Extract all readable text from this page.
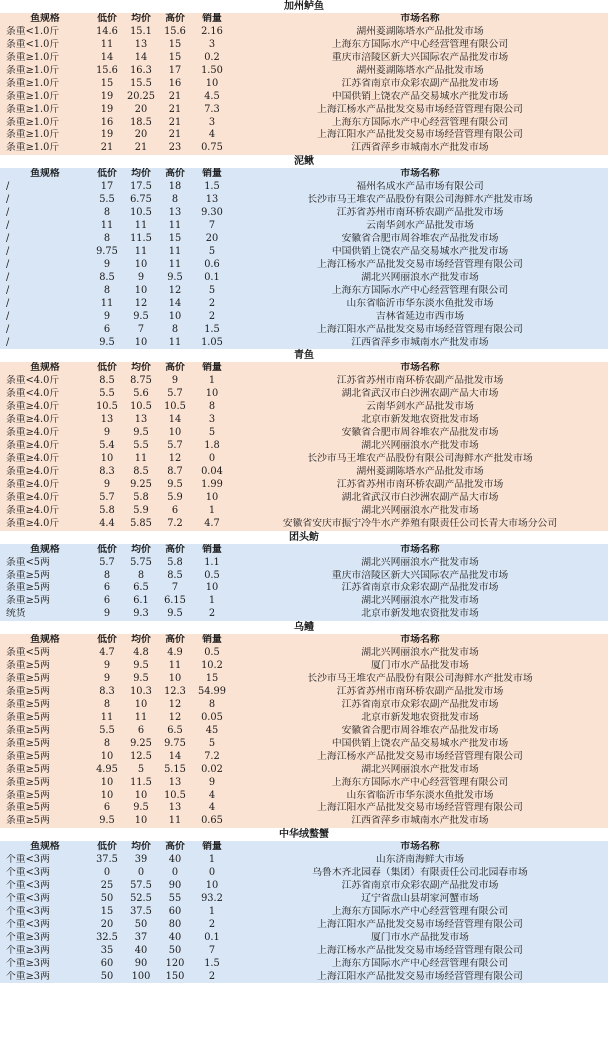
加州鲈鱼
鱼规格	低价	均价	高价	销量	市场名称
条重<1.0斤	14.6	15.1	15.6	2.16	湖州菱湖陈塔水产品批发市场
条重<1.0斤	11	13	15	3	上海东方国际水产中心经营管理有限公司
条重≥1.0斤	14	14	15	0.2	重庆市涪陵区新大兴国际农产品批发市场
条重≥1.0斤	15.6	16.3	17	1.50	湖州菱湖陈塔水产品批发市场
条重≥1.0斤	15	15.5	16	10	江苏省南京市众彩农副产品批发市场
条重≥1.0斤	19	20.25	21	4.5	中国供销上饶农产品交易城水产批发市场
条重≥1.0斤	19	20	21	7.3	上海江杨水产品批发交易市场经营管理有限公司
条重≥1.0斤	16	18.5	21	3	上海东方国际水产中心经营管理有限公司
条重≥1.0斤	19	20	21	4	上海江阳水产品批发交易市场经营管理有限公司
条重≥1.0斤	21	21	23	0.75	江西省萍乡市城南水产批发市场
泥鳅
鱼规格	低价	均价	高价	销量	市场名称
/	17	17.5	18	1.5	福州名成水产品市场有限公司
/	5.5	6.75	8	13	长沙市马王堆农产品股份有限公司海鲜水产批发市场
/	8	10.5	13	9.30	江苏省苏州市南环桥农副产品批发市场
/	11	11	11	7	云南华剑水产品批发市场
/	8	11.5	15	20	安徽省合肥市周谷堆农产品批发市场
/	9.75	11	11	5	中国供销上饶农产品交易城水产批发市场
/	9	10	11	0.6	上海江杨水产品批发交易市场经营管理有限公司
/	8.5	9	9.5	0.1	湖北兴网丽浪水产批发市场
/	8	10	12	5	上海东方国际水产中心经营管理有限公司
/	11	12	14	2	山东省临沂市华东淡水鱼批发市场
/	9	9.5	10	2	吉林省延边市西市场
/	6	7	8	1.5	上海江阳水产品批发交易市场经营管理有限公司
/	9.5	10	11	1.05	江西省萍乡市城南水产批发市场
青鱼
鱼规格	低价	均价	高价	销量	市场名称
条重<4.0斤	8.5	8.75	9	1	江苏省苏州市南环桥农副产品批发市场
条重<4.0斤	5.5	5.6	5.7	10	湖北省武汉市白沙洲农副产品大市场
条重≥4.0斤	10.5	10.5	10.5	8	云南华剑水产品批发市场
条重≥4.0斤	13	13	14	3	北京市新发地农资批发市场
条重≥4.0斤	9	9.5	10	5	安徽省合肥市周谷堆农产品批发市场
条重≥4.0斤	5.4	5.5	5.7	1.8	湖北兴网丽浪水产批发市场
条重≥4.0斤	10	11	12	0	长沙市马王堆农产品股份有限公司海鲜水产批发市场
条重≥4.0斤	8.3	8.5	8.7	0.04	湖州菱湖陈塔水产品批发市场
条重≥4.0斤	9	9.25	9.5	1.99	江苏省苏州市南环桥农副产品批发市场
条重≥4.0斤	5.7	5.8	5.9	10	湖北省武汉市白沙洲农副产品大市场
条重≥4.0斤	5.8	5.9	6	1	湖北兴网丽浪水产批发市场
条重≥4.0斤	4.4	5.85	7.2	4.7	安徽省安庆市振宁冷牛水产养殖有限责任公司长青大市场分公司
团头鲂
鱼规格	低价	均价	高价	销量	市场名称
条重<5两	5.7	5.75	5.8	1.1	湖北兴网丽浪水产批发市场
条重≥5两	8	8	8.5	0.5	重庆市涪陵区新大兴国际农产品批发市场
条重≥5两	6	6.5	7	10	江苏省南京市众彩农副产品批发市场
条重≥5两	6	6.1	6.15	1	湖北兴网丽浪水产批发市场
统货	9	9.3	9.5	2	北京市新发地农资批发市场
乌鳢
鱼规格	低价	均价	高价	销量	市场名称
条重<5两	4.7	4.8	4.9	0.5	湖北兴网丽浪水产批发市场
条重≥5两	9	9.5	11	10.2	厦门市水产品批发市场
条重≥5两	9	9.5	10	15	长沙市马王堆农产品股份有限公司海鲜水产批发市场
条重≥5两	8.3	10.3	12.3	54.99	江苏省苏州市南环桥农副产品批发市场
条重≥5两	8	10	12	8	江苏省南京市众彩农副产品批发市场
条重≥5两	11	11	12	0.05	北京市新发地农资批发市场
条重≥5两	5.5	6	6.5	45	安徽省合肥市周谷堆农产品批发市场
条重≥5两	8	9.25	9.75	5	中国供销上饶农产品交易城水产批发市场
条重≥5两	10	12.5	14	7.2	上海江杨水产品批发交易市场经营管理有限公司
条重≥5两	4.95	5	5.15	0.02	湖北兴网丽浪水产批发市场
条重≥5两	10	11.5	13	9	上海东方国际水产中心经营管理有限公司
条重≥5两	10	10	10.5	4	山东省临沂市华东淡水鱼批发市场
条重≥5两	6	9.5	13	4	上海江阳水产品批发交易市场经营管理有限公司
条重≥5两	9.5	10	11	0.65	江西省萍乡市城南水产批发市场
中华绒螯蟹
鱼规格	低价	均价	高价	销量	市场名称
个重<3两	37.5	39	40	1	山东济南海鲜大市场
个重<3两	0	0	0	0	乌鲁木齐北园春（集团）有限责任公司北园春市场
个重<3两	25	57.5	90	10	江苏省南京市众彩农副产品批发市场
个重<3两	50	52.5	55	93.2	辽宁省盘山县胡家河蟹市场
个重<3两	15	37.5	60	1	上海东方国际水产中心经营管理有限公司
个重<3两	20	50	80	2	上海江阳水产品批发交易市场经营管理有限公司
个重≥3两	32.5	37	40	0.1	厦门市水产品批发市场
个重≥3两	35	40	50	7	上海江杨水产品批发交易市场经营管理有限公司
个重≥3两	60	90	120	1.5	上海东方国际水产中心经营管理有限公司
个重≥3两	50	100	150	2	上海江阳水产品批发交易市场经营管理有限公司
